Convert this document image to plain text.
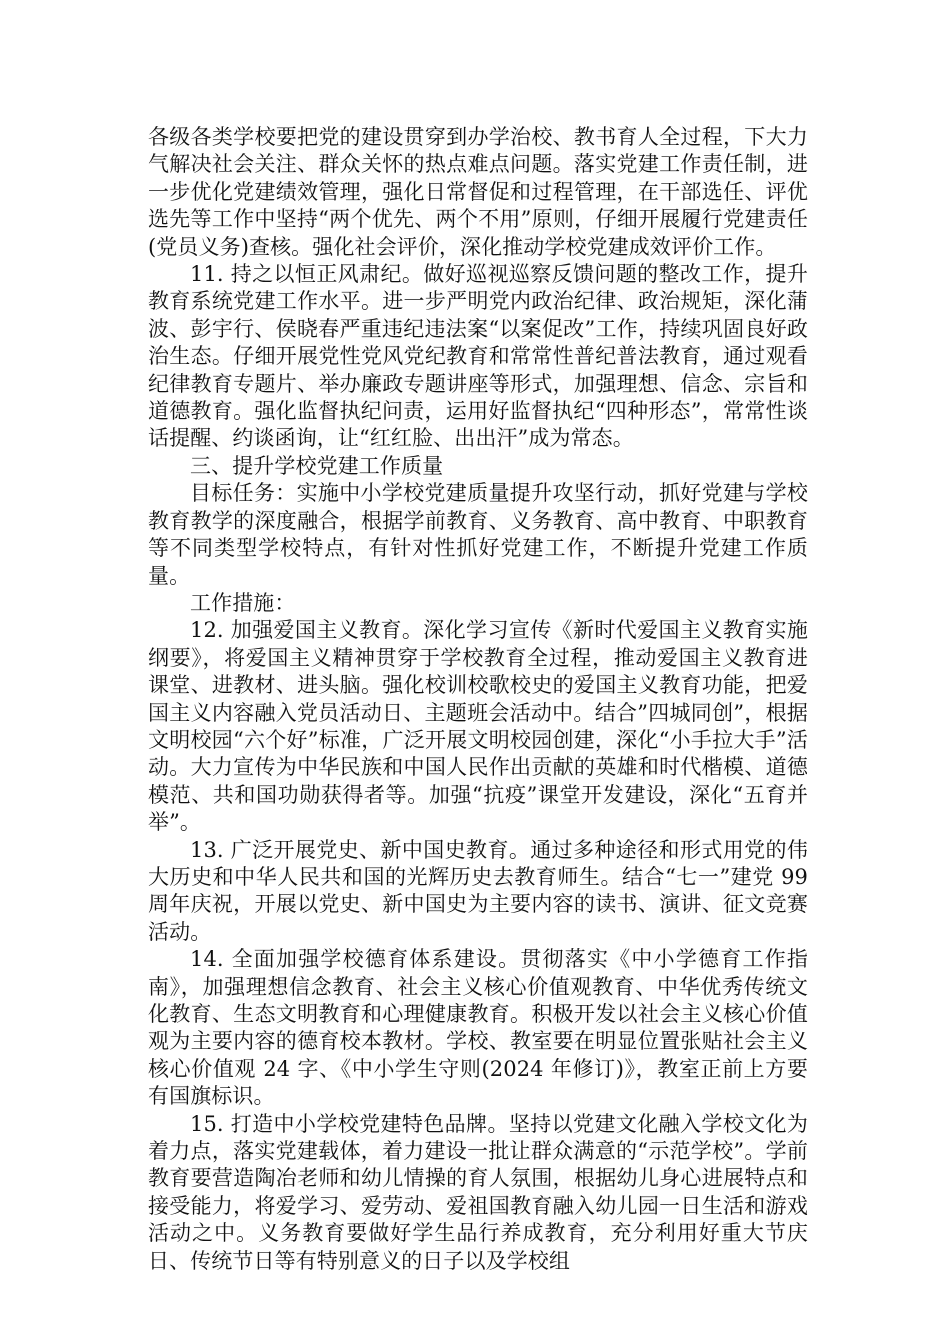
各级各类学校要把党的建设贯穿到办学治校、教书育人全过程，下大力气解决社会关注、群众关怀的热点难点问题。落实党建工作责任制，进一步优化党建绩效管理，强化日常督促和过程管理，在干部选任、评优选先等工作中坚持“两个优先、两个不用”原则，仔细开展履行党建责任(党员义务)查核。强化社会评价，深化推动学校党建成效评价工作。

11. 持之以恒正风肃纪。做好巡视巡察反馈问题的整改工作，提升教育系统党建工作水平。进一步严明党内政治纪律、政治规矩，深化蒲波、彭宇行、侯晓春严重违纪违法案“以案促改”工作，持续巩固良好政治生态。仔细开展党性党风党纪教育和常常性普纪普法教育，通过观看纪律教育专题片、举办廉政专题讲座等形式，加强理想、信念、宗旨和道德教育。强化监督执纪问责，运用好监督执纪“四种形态”，常常性谈话提醒、约谈函询，让“红红脸、出出汗”成为常态。

三、提升学校党建工作质量

目标任务：实施中小学校党建质量提升攻坚行动，抓好党建与学校教育教学的深度融合，根据学前教育、义务教育、高中教育、中职教育等不同类型学校特点，有针对性抓好党建工作，不断提升党建工作质量。

工作措施：

12. 加强爱国主义教育。深化学习宣传《新时代爱国主义教育实施纲要》，将爱国主义精神贯穿于学校教育全过程，推动爱国主义教育进课堂、进教材、进头脑。强化校训校歌校史的爱国主义教育功能，把爱国主义内容融入党员活动日、主题班会活动中。结合”四城同创”，根据文明校园“六个好”标准，广泛开展文明校园创建，深化“小手拉大手”活动。大力宣传为中华民族和中国人民作出贡献的英雄和时代楷模、道德模范、共和国功勋获得者等。加强“抗疫”课堂开发建设，深化“五育并举”。

13. 广泛开展党史、新中国史教育。通过多种途径和形式用党的伟大历史和中华人民共和国的光辉历史去教育师生。结合“七一”建党 99 周年庆祝，开展以党史、新中国史为主要内容的读书、演讲、征文竞赛活动。

14. 全面加强学校德育体系建设。贯彻落实《中小学德育工作指南》，加强理想信念教育、社会主义核心价值观教育、中华优秀传统文化教育、生态文明教育和心理健康教育。积极开发以社会主义核心价值观为主要内容的德育校本教材。学校、教室要在明显位置张贴社会主义核心价值观 24 字、《中小学生守则(2024 年修订)》，教室正前上方要有国旗标识。

15. 打造中小学校党建特色品牌。坚持以党建文化融入学校文化为着力点，落实党建载体，着力建设一批让群众满意的“示范学校”。学前教育要营造陶冶老师和幼儿情操的育人氛围，根据幼儿身心进展特点和接受能力，将爱学习、爱劳动、爱祖国教育融入幼儿园一日生活和游戏活动之中。义务教育要做好学生品行养成教育，充分利用好重大节庆日、传统节日等有特别意义的日子以及学校组
